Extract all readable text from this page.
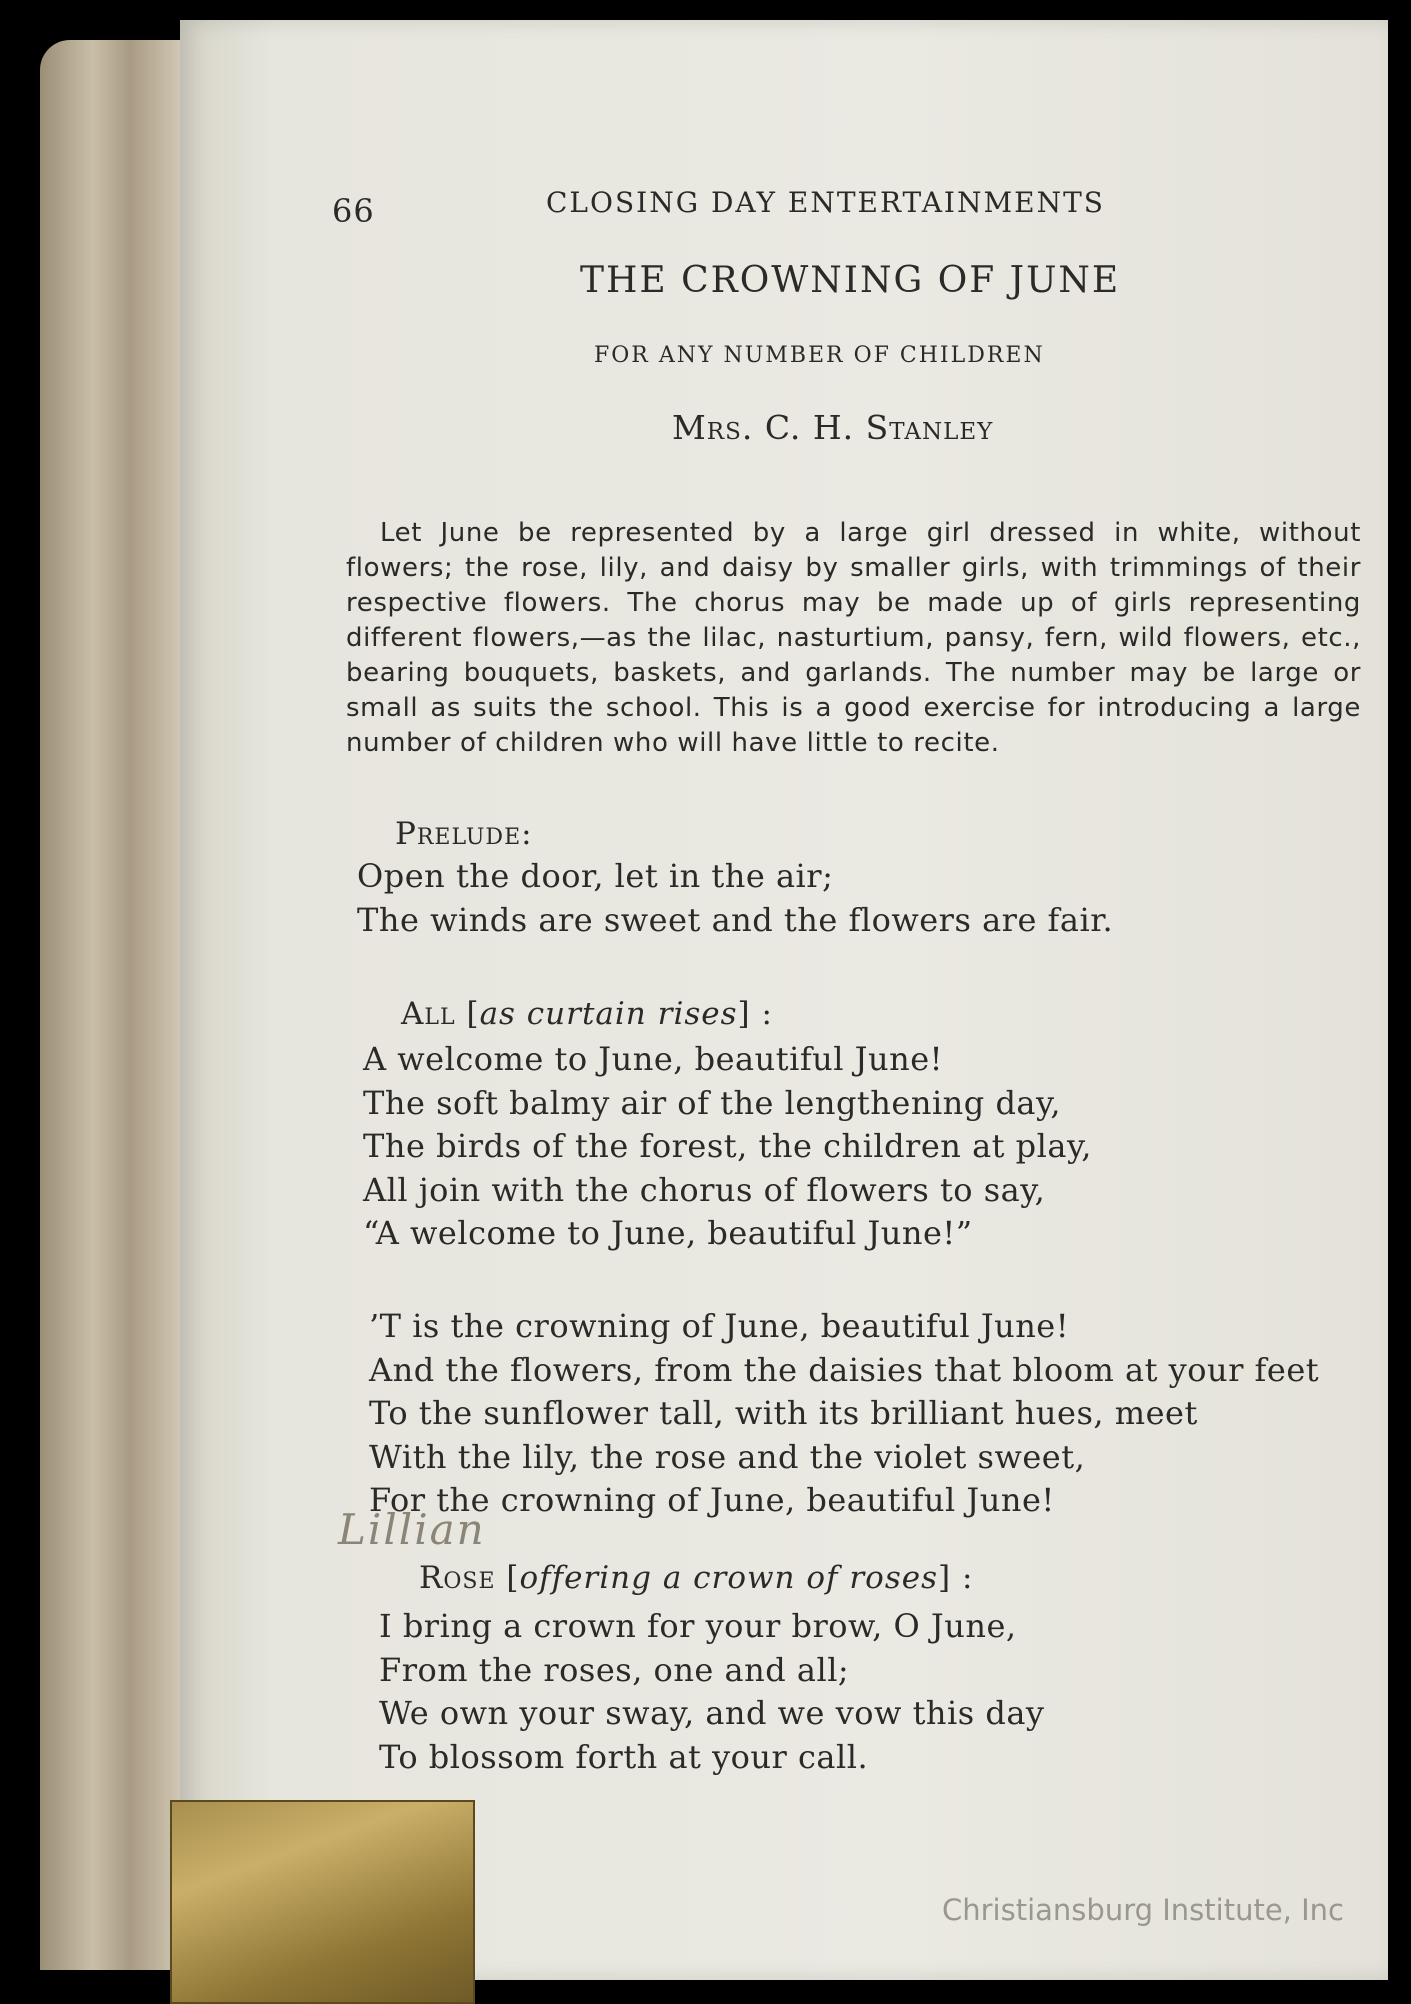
66	CLOSING DAY ENTERTAINMENTS

THE CROWNING OF JUNE

FOR ANY NUMBER OF CHILDREN

Mrs. C. H. Stanley

Let June be represented by a large girl dressed in white, without flowers; the rose, lily, and daisy by smaller girls, with trimmings of their respective flowers. The chorus may be made up of girls representing different flowers,—as the lilac, nasturtium, pansy, fern, wild flowers, etc., bearing bouquets, baskets, and garlands. The number may be large or small as suits the school. This is a good exercise for introducing a large number of children who will have little to recite.

Prelude:

Open the door, let in the air;
The winds are sweet and the flowers are fair.

All [as curtain rises] :

A welcome to June, beautiful June!
The soft balmy air of the lengthening day,
The birds of the forest, the children at play,
All join with the chorus of flowers to say,
“A welcome to June, beautiful June!”
’T is the crowning of June, beautiful June!
And the flowers, from the daisies that bloom at your feet
To the sunflower tall, with its brilliant hues, meet
With the lily, the rose and the violet sweet,
For the crowning of June, beautiful June!

Lillian

Rose [offering a crown of roses] :

I bring a crown for your brow, O June,
From the roses, one and all;
We own your sway, and we vow this day
To blossom forth at your call.
Christiansburg Institute, Inc
